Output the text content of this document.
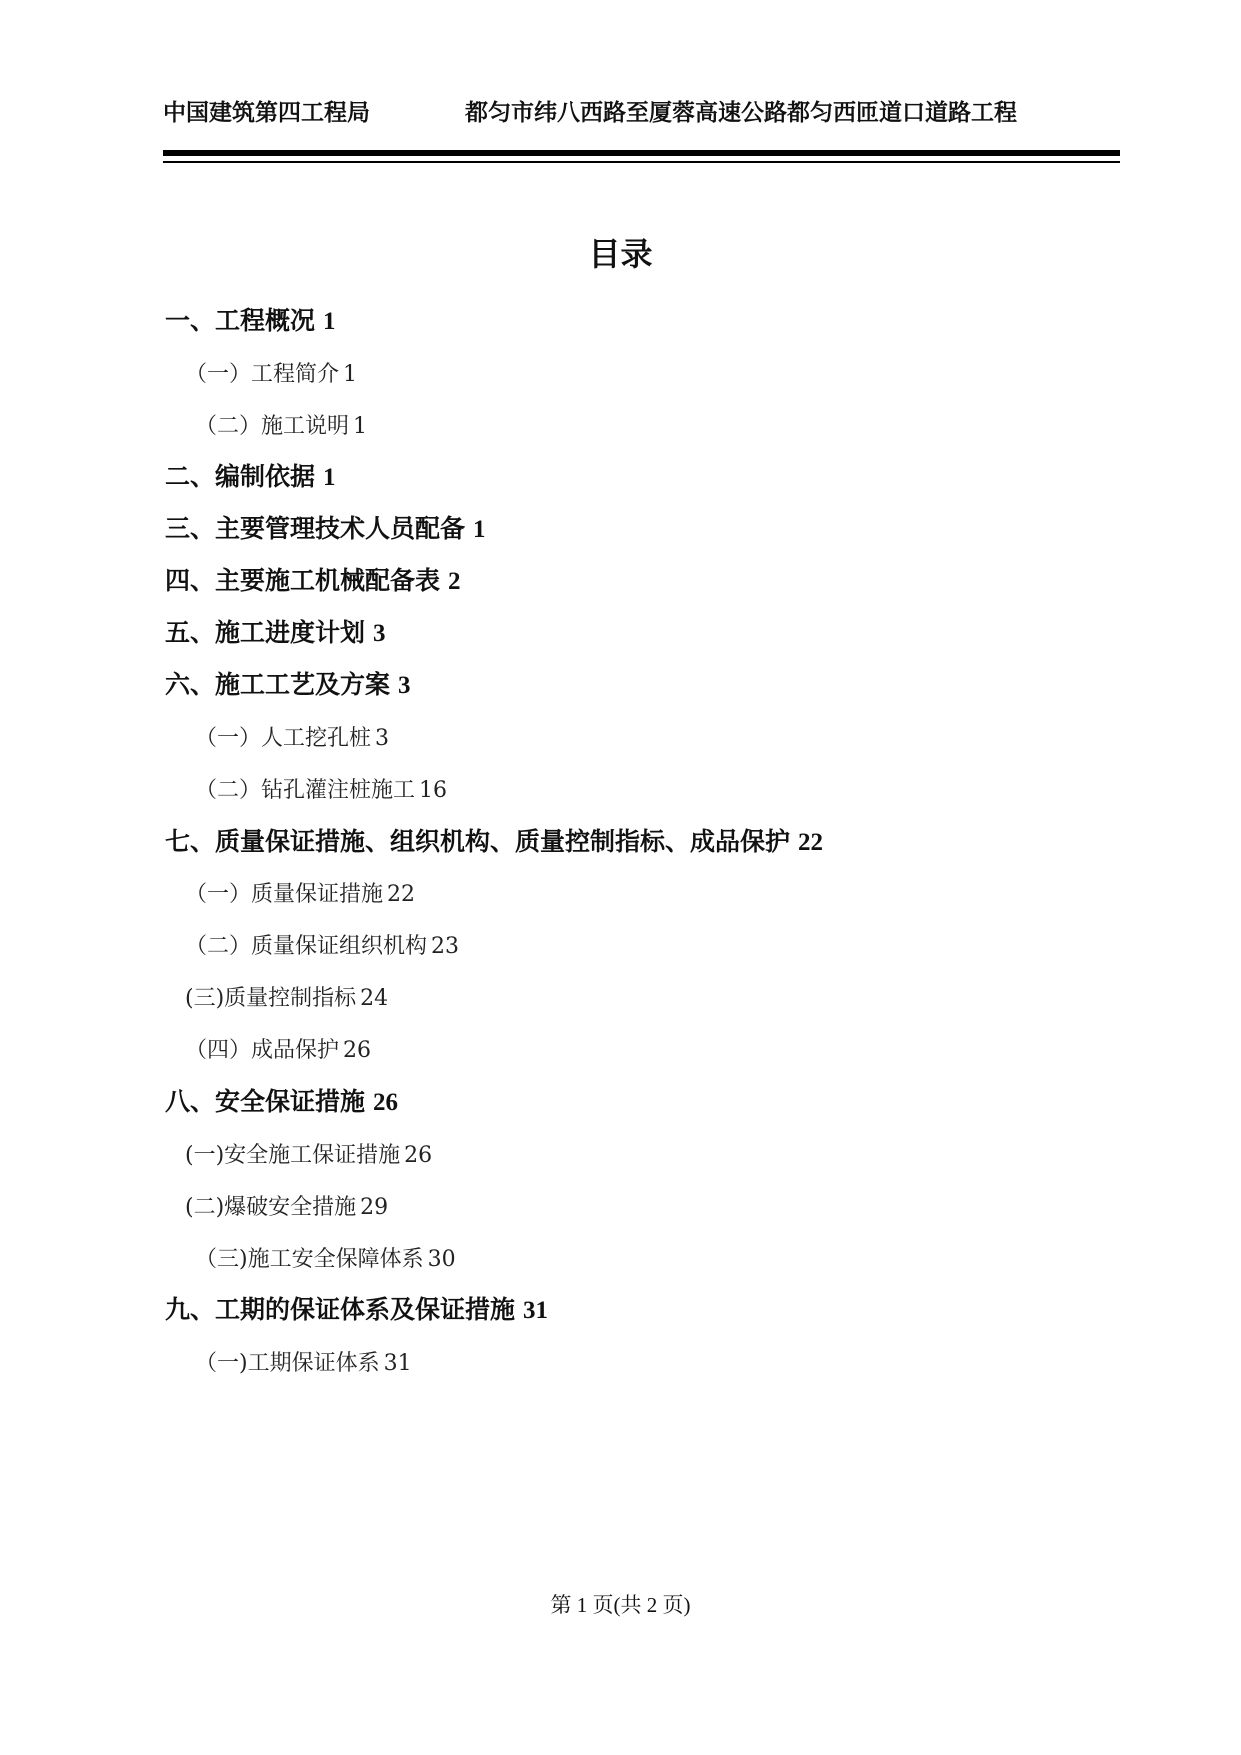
中国建筑第四工程局	都匀市纬八西路至厦蓉高速公路都匀西匝道口道路工程
目录
一、工程概况 1
（一）工程简介 1
（二）施工说明 1
二、编制依据 1
三、主要管理技术人员配备 1
四、主要施工机械配备表 2
五、施工进度计划 3
六、施工工艺及方案 3
（一）人工挖孔桩 3
（二）钻孔灌注桩施工 16
七、质量保证措施、组织机构、质量控制指标、成品保护 22
（一）质量保证措施 22
（二）质量保证组织机构 23
(三)质量控制指标 24
（四）成品保护 26
八、安全保证措施 26
(一)安全施工保证措施 26
(二)爆破安全措施 29
（三)施工安全保障体系 30
九、工期的保证体系及保证措施 31
（一)工期保证体系 31
第 1 页(共 2 页)
